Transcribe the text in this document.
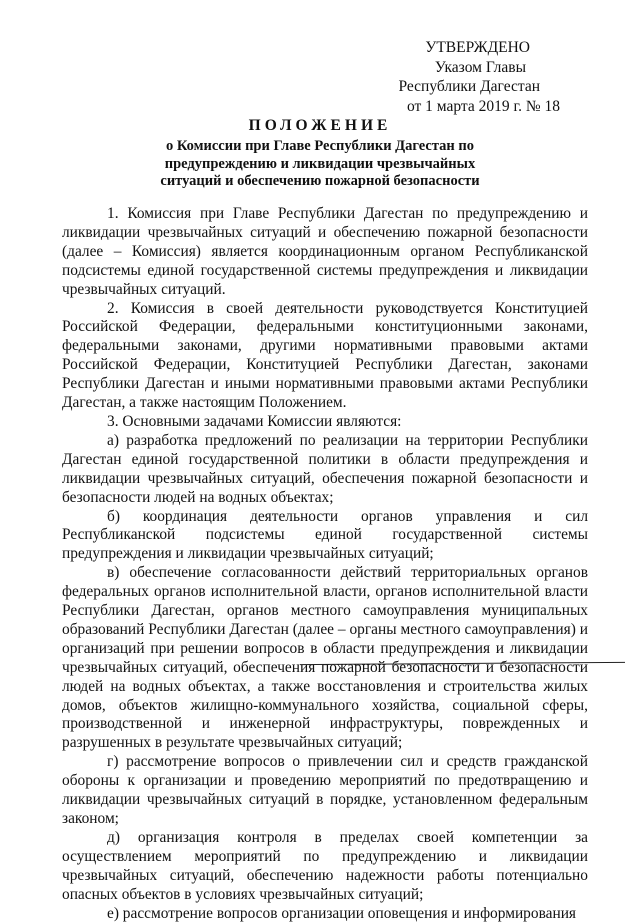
УТВЕРЖДЕНО
Указом Главы
Республики Дагестан
от 1 марта 2019 г. № 18
ПОЛОЖЕНИЕ
о Комиссии при Главе Республики Дагестан по
предупреждению и ликвидации чрезвычайных
ситуаций и обеспечению пожарной безопасности

1. Комиссия при Главе Республики Дагестан по предупреждению и ликвидации чрезвычайных ситуаций и обеспечению пожарной безопасности (далее – Комиссия) является координационным органом Республиканской подсистемы единой государственной системы предупреждения и ликвидации чрезвычайных ситуаций.

2. Комиссия в своей деятельности руководствуется Конституцией Российской Федерации, федеральными конституционными законами, федеральными законами, другими нормативными правовыми актами Российской Федерации, Конституцией Республики Дагестан, законами Республики Дагестан и иными нормативными правовыми актами Республики Дагестан, а также настоящим Положением.

3. Основными задачами Комиссии являются:

а) разработка предложений по реализации на территории Республики Дагестан единой государственной политики в области предупреждения и ликвидации чрезвычайных ситуаций, обеспечения пожарной безопасности и безопасности людей на водных объектах;

б) координация деятельности органов управления и сил Республиканской подсистемы единой государственной системы предупреждения и ликвидации чрезвычайных ситуаций;

в) обеспечение согласованности действий территориальных органов федеральных органов исполнительной власти, органов исполнительной власти Республики Дагестан, органов местного самоуправления муниципальных образований Республики Дагестан (далее – органы местного самоуправления) и организаций при решении вопросов в области предупреждения и ликвидации чрезвычайных ситуаций, обеспечения пожарной безопасности и безопасности людей на водных объектах, а также восстановления и строительства жилых домов, объектов жилищно-коммунального хозяйства, социальной сферы, производственной и инженерной инфраструктуры, поврежденных и разрушенных в результате чрезвычайных ситуаций;

г) рассмотрение вопросов о привлечении сил и средств гражданской обороны к организации и проведению мероприятий по предотвращению и ликвидации чрезвычайных ситуаций в порядке, установленном федеральным законом;

д) организация контроля в пределах своей компетенции за осуществлением мероприятий по предупреждению и ликвидации чрезвычайных ситуаций, обеспечению надежности работы потенциально опасных объектов в условиях чрезвычайных ситуаций;

е) рассмотрение вопросов организации оповещения и информирования
